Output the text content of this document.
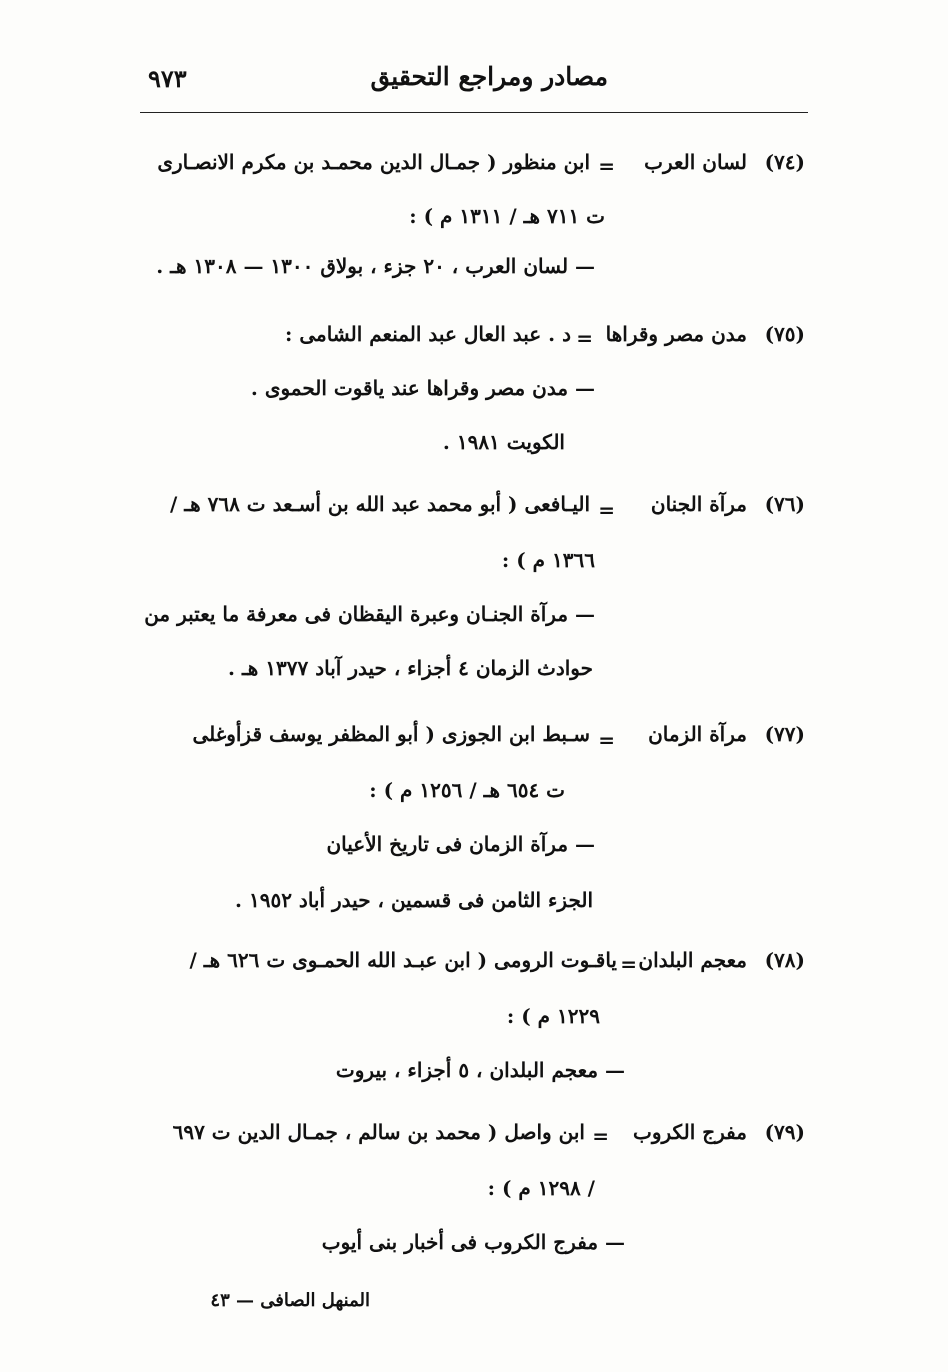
مصادر ومراجع التحقيق
٩٧٣
(٧٤)
لسان العرب
=
ابن منظور ( جمـال الدين محمـد بن مكرم الانصـارى
ت ٧١١ هـ / ١٣١١ م ) :
— لسان العرب ، ٢٠ جزء ، بولاق ١٣٠٠ — ١٣٠٨ هـ .
(٧٥)
مدن مصر وقراها
=
د . عبد العال عبد المنعم الشامى :
— مدن مصر وقراها عند ياقوت الحموى .
الكويت ١٩٨١ .
(٧٦)
مرآة الجنان
=
اليـافعى ( أبو محمد عبد الله بن أسـعد ت ٧٦٨ هـ /
١٣٦٦ م ) :
— مرآة الجنـان وعبرة اليقظان فى معرفة ما يعتبر من
حوادث الزمان ٤ أجزاء ، حيدر آباد ١٣٧٧ هـ .
(٧٧)
مرآة الزمان
=
سـبط ابن الجوزى ( أبو المظفر يوسف قزأوغلى
ت ٦٥٤ هـ / ١٢٥٦ م ) :
— مرآة الزمان فى تاريخ الأعيان
الجزء الثامن فى قسمين ، حيدر أباد ١٩٥٢ .
(٧٨)
معجم البلدان
=
ياقـوت الرومى ( ابن عبـد الله الحمـوى ت ٦٢٦ هـ /
١٢٢٩ م ) :
— معجم البلدان ، ٥ أجزاء ، بيروت
(٧٩)
مفرج الكروب
=
ابن واصل ( محمد بن سالم ، جمـال الدين ت ٦٩٧
/ ١٢٩٨ م ) :
— مفرج الكروب فى أخبار بنى أيوب
المنهل الصافى — ٤٣
